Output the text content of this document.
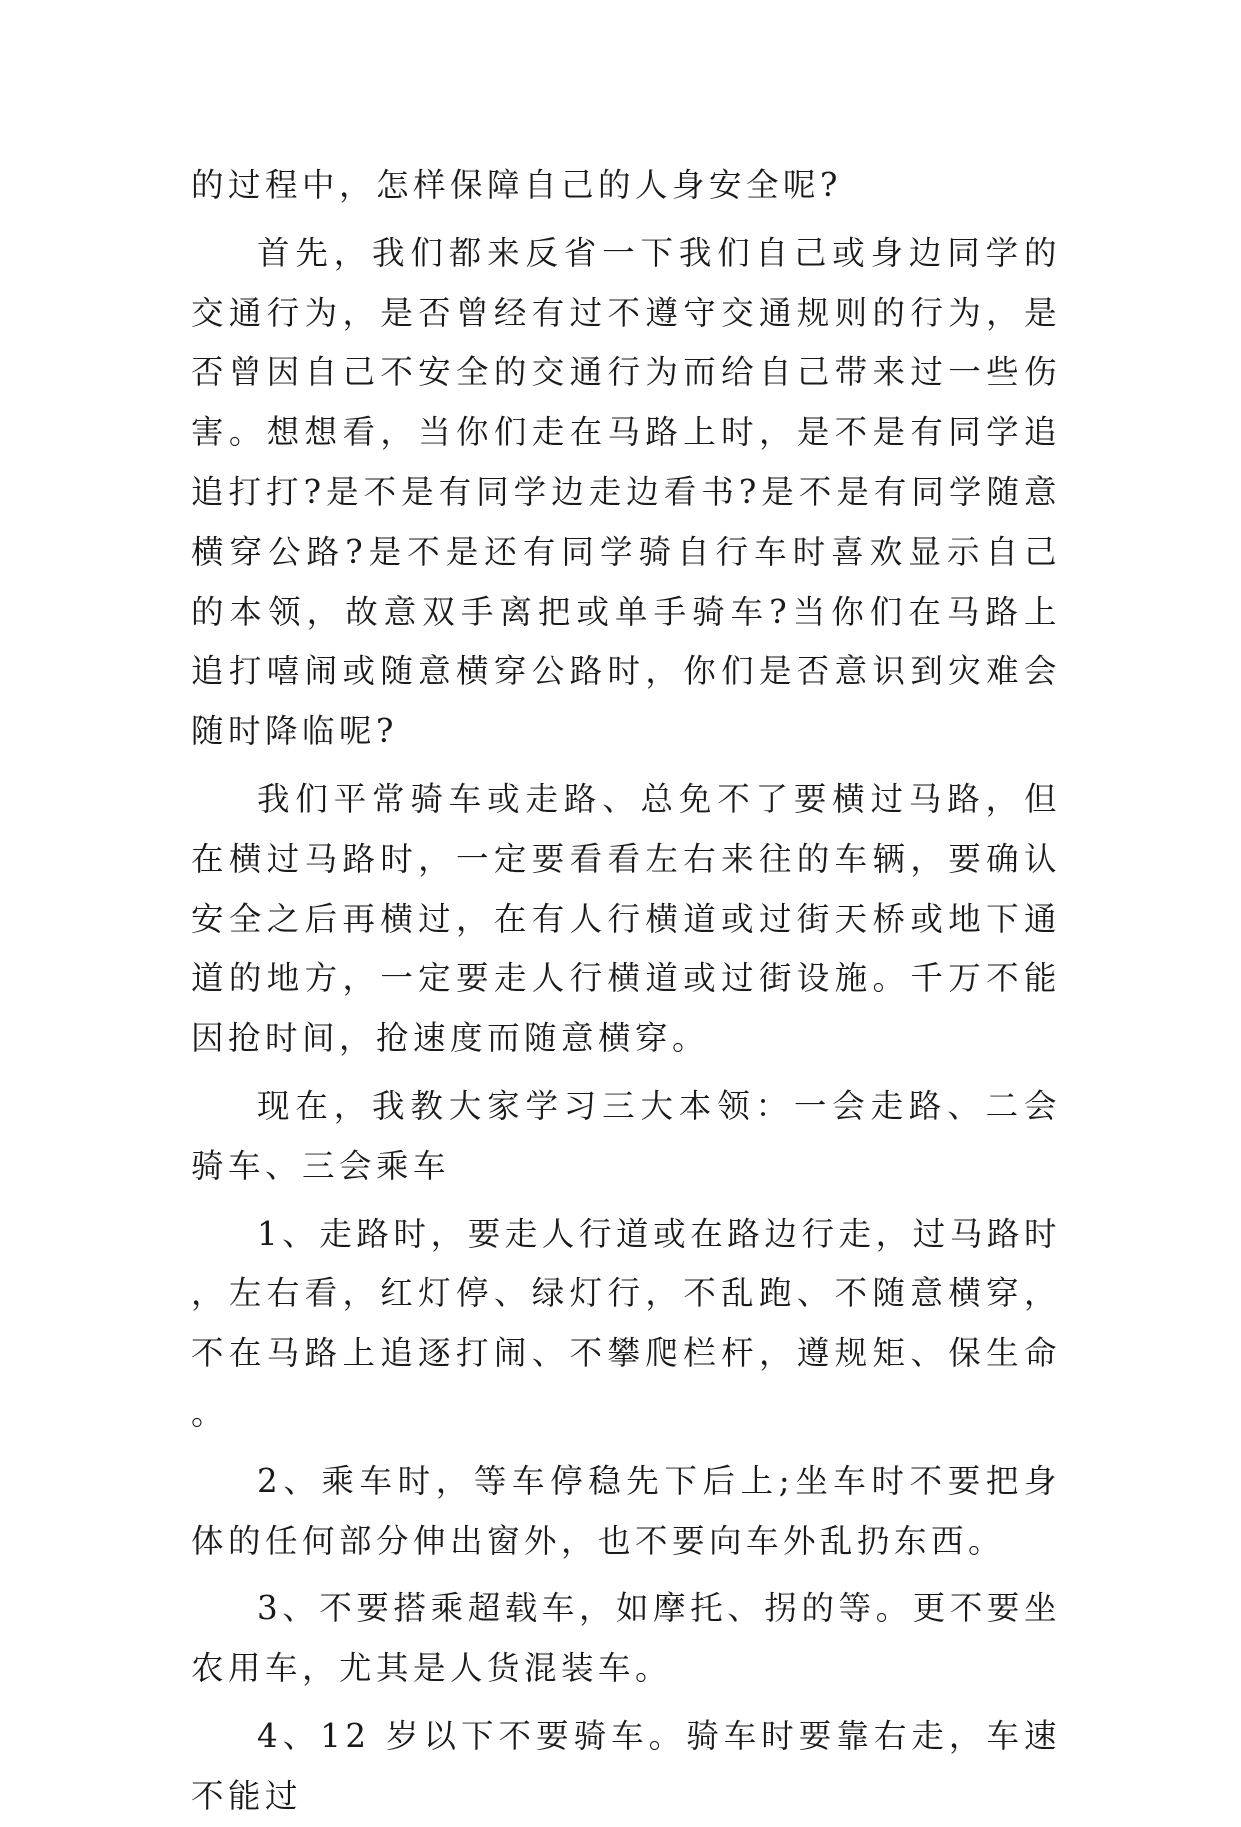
的过程中，怎样保障自己的人身安全呢?

首先，我们都来反省一下我们自己或身边同学的交通行为，是否曾经有过不遵守交通规则的行为，是否曾因自己不安全的交通行为而给自己带来过一些伤害。想想看，当你们走在马路上时，是不是有同学追追打打?是不是有同学边走边看书?是不是有同学随意横穿公路?是不是还有同学骑自行车时喜欢显示自己的本领，故意双手离把或单手骑车?当你们在马路上追打嘻闹或随意横穿公路时，你们是否意识到灾难会随时降临呢?

我们平常骑车或走路、总免不了要横过马路，但在横过马路时，一定要看看左右来往的车辆，要确认安全之后再横过，在有人行横道或过街天桥或地下通道的地方，一定要走人行横道或过街设施。千万不能因抢时间，抢速度而随意横穿。

现在，我教大家学习三大本领：一会走路、二会骑车、三会乘车

1、走路时，要走人行道或在路边行走，过马路时，左右看，红灯停、绿灯行，不乱跑、不随意横穿，不在马路上追逐打闹、不攀爬栏杆，遵规矩、保生命。

2、乘车时，等车停稳先下后上;坐车时不要把身体的任何部分伸出窗外，也不要向车外乱扔东西。

3、不要搭乘超载车，如摩托、拐的等。更不要坐农用车，尤其是人货混装车。

4、12 岁以下不要骑车。骑车时要靠右走，车速不能过
